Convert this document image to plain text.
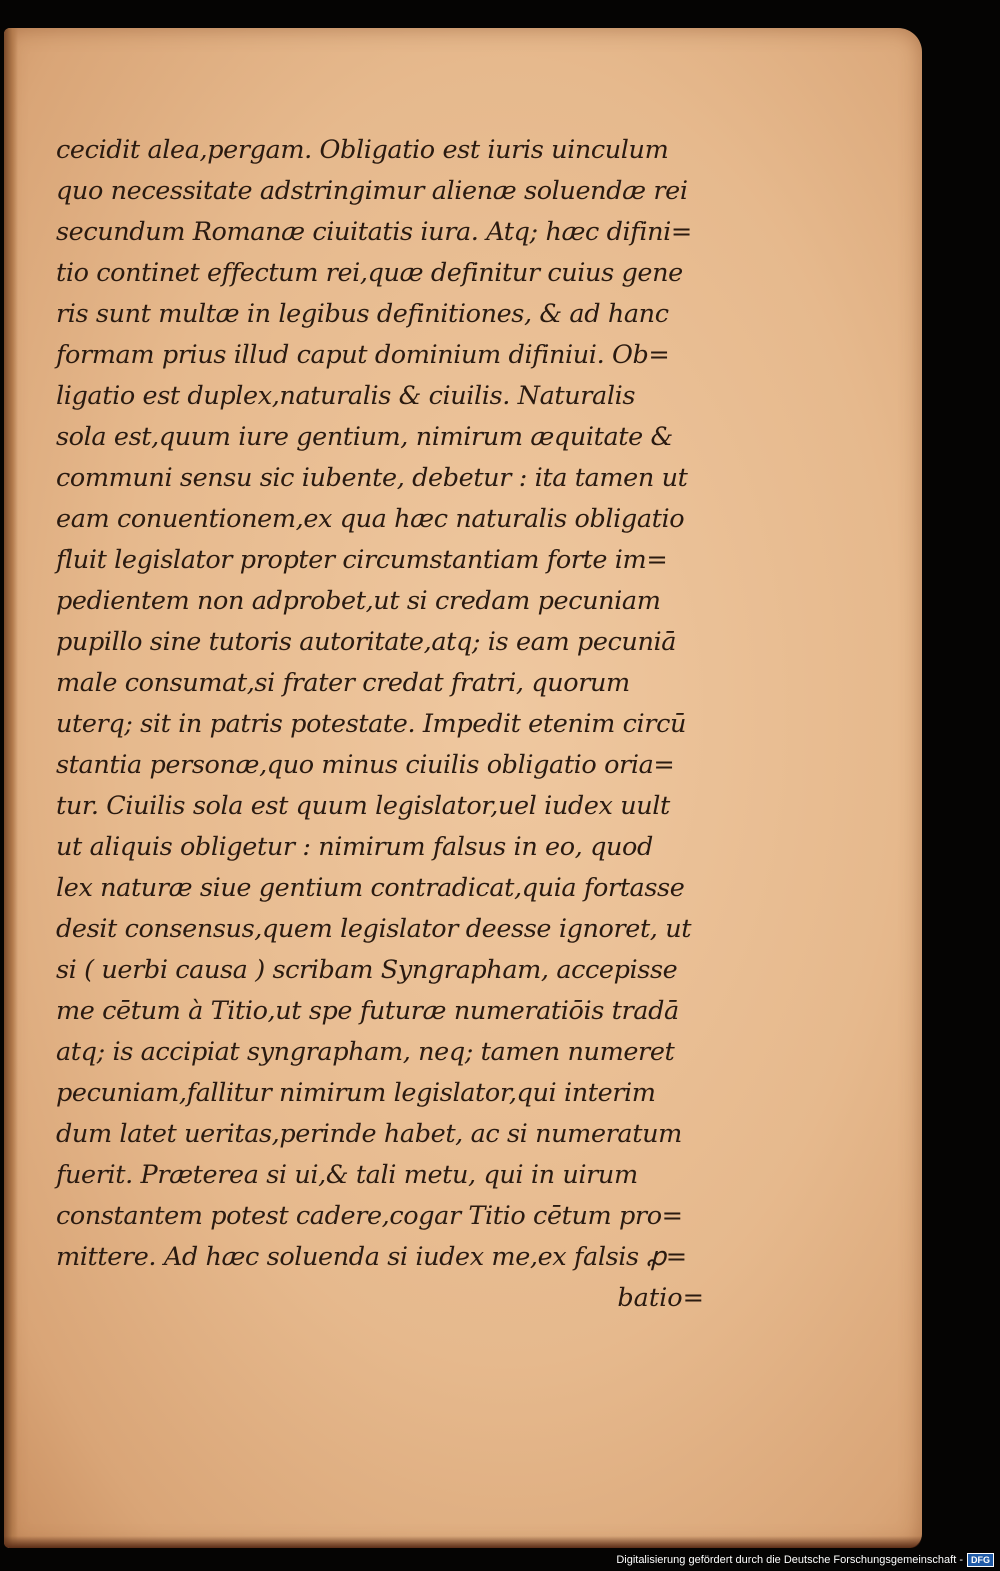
cecidit alea,pergam. Obligatio est iuris uinculum
quo necessitate adstringimur alienæ soluendæ rei
secundum Romanæ ciuitatis iura. Atq; hæc difini=
tio continet effectum rei,quæ definitur cuius gene
ris sunt multæ in legibus definitiones, & ad hanc
formam prius illud caput dominium difiniui. Ob=
ligatio est duplex,naturalis & ciuilis. Naturalis
sola est,quum iure gentium, nimirum æquitate &
communi sensu sic iubente, debetur : ita tamen ut
eam conuentionem,ex qua hæc naturalis obligatio
fluit legislator propter circumstantiam forte im=
pedientem non adprobet,ut si credam pecuniam
pupillo sine tutoris autoritate,atq; is eam pecuniā
male consumat,si frater credat fratri, quorum
uterq; sit in patris potestate. Impedit etenim circū
stantia personæ,quo minus ciuilis obligatio oria=
tur. Ciuilis sola est quum legislator,uel iudex uult
ut aliquis obligetur : nimirum falsus in eo, quod
lex naturæ siue gentium contradicat,quia fortasse
desit consensus,quem legislator deesse ignoret, ut
si ( uerbi causa ) scribam Syngrapham, accepisse
me cētum à Titio,ut spe futuræ numeratiōis tradā
atq; is accipiat syngrapham, neq; tamen numeret
pecuniam,fallitur nimirum legislator,qui interim
dum latet ueritas,perinde habet, ac si numeratum
fuerit. Præterea si ui,& tali metu, qui in uirum
constantem potest cadere,cogar Titio cētum pro=
mittere. Ad hæc soluenda si iudex me,ex falsis ꝓ=
batio=
Digitalisierung gefördert durch die Deutsche Forschungsgemeinschaft - DFG
